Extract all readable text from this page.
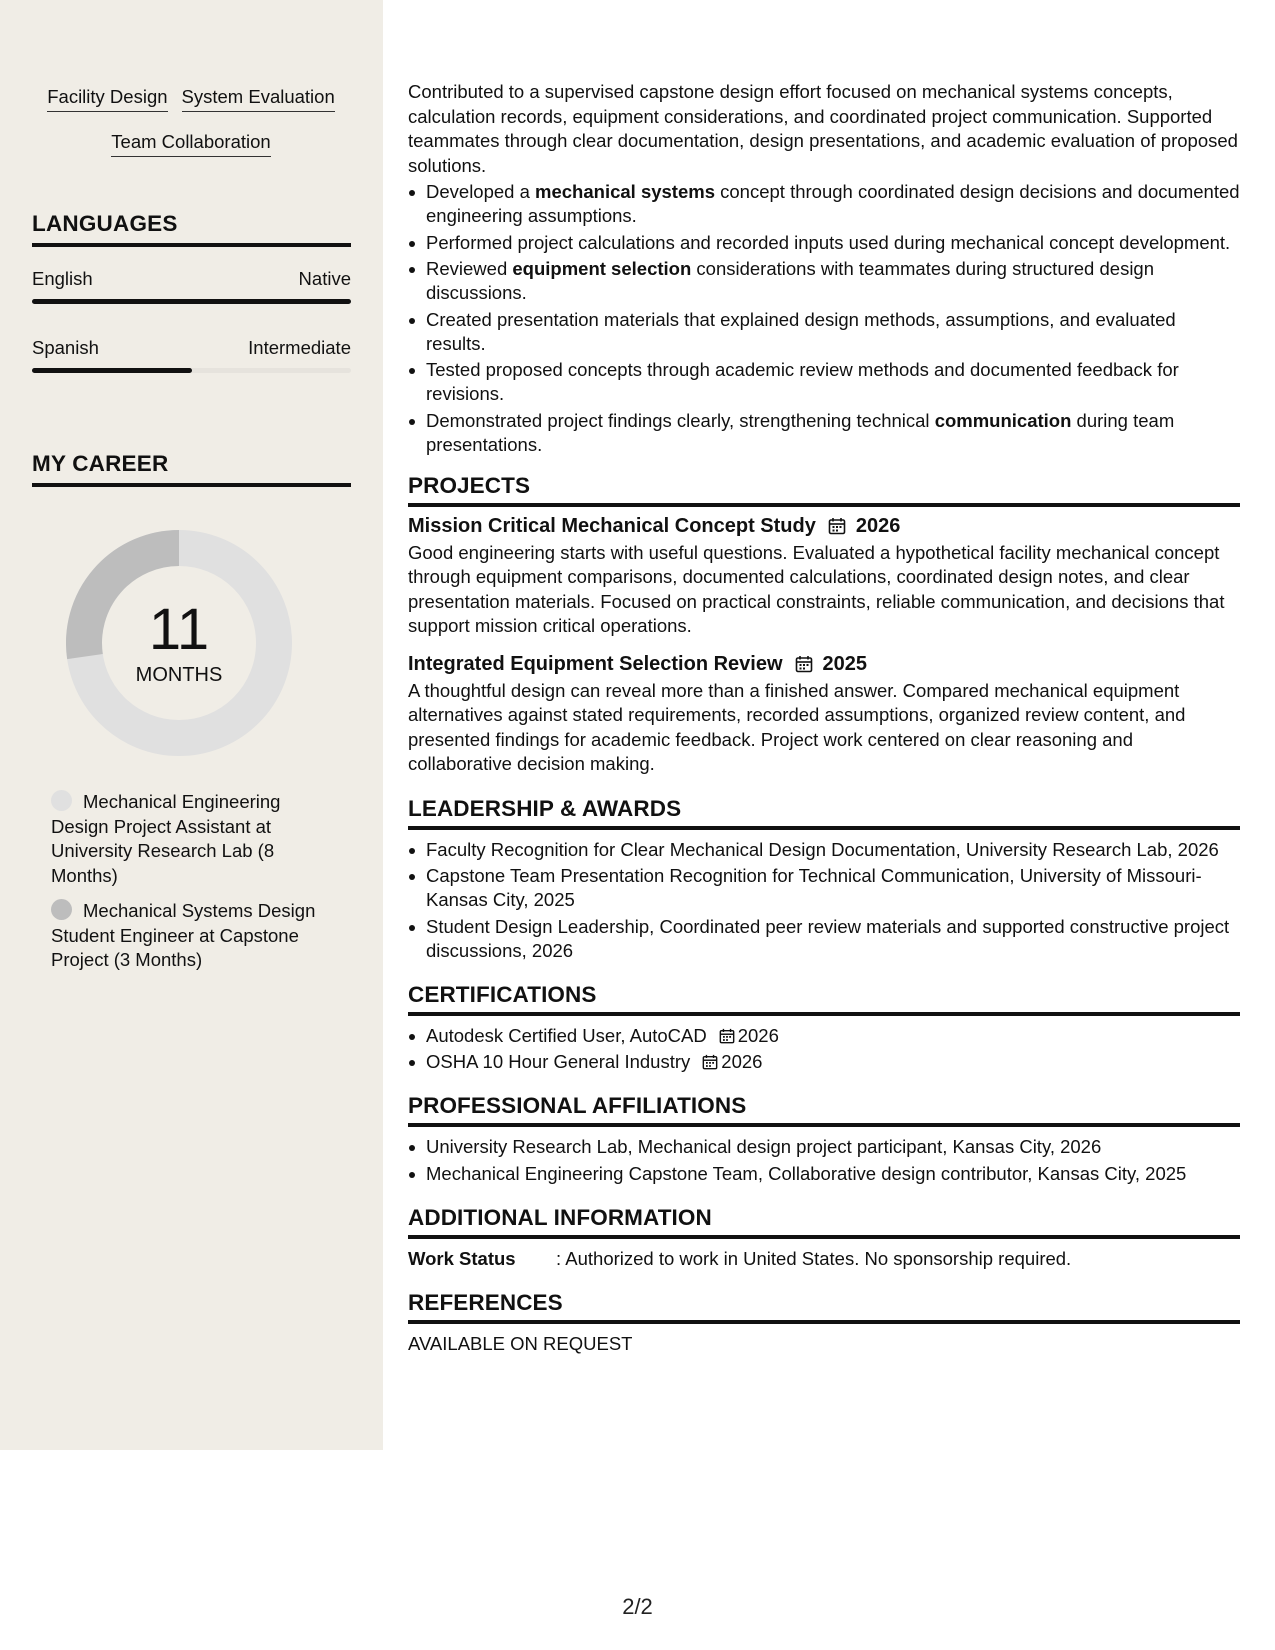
Facility Design System Evaluation
Team Collaboration
LANGUAGES
English	Native
Spanish	Intermediate
MY CAREER
11
MONTHS
Mechanical Engineering Design Project Assistant at University Research Lab (8 Months)
Mechanical Systems Design Student Engineer at Capstone Project (3 Months)

Contributed to a supervised capstone design effort focused on mechanical systems concepts, calculation records, equipment considerations, and coordinated project communication. Supported teammates through clear documentation, design presentations, and academic evaluation of proposed solutions.

Developed a mechanical systems concept through coordinated design decisions and documented engineering assumptions.
Performed project calculations and recorded inputs used during mechanical concept development.
Reviewed equipment selection considerations with teammates during structured design discussions.
Created presentation materials that explained design methods, assumptions, and evaluated results.
Tested proposed concepts through academic review methods and documented feedback for revisions.
Demonstrated project findings clearly, strengthening technical communication during team presentations.
PROJECTS
Mission Critical Mechanical Concept Study 2026

Good engineering starts with useful questions. Evaluated a hypothetical facility mechanical concept through equipment comparisons, documented calculations, coordinated design notes, and clear presentation materials. Focused on practical constraints, reliable communication, and decisions that support mission critical operations.

Integrated Equipment Selection Review 2025

A thoughtful design can reveal more than a finished answer. Compared mechanical equipment alternatives against stated requirements, recorded assumptions, organized review content, and presented findings for academic feedback. Project work centered on clear reasoning and collaborative decision making.

LEADERSHIP & AWARDS
Faculty Recognition for Clear Mechanical Design Documentation, University Research Lab, 2026
Capstone Team Presentation Recognition for Technical Communication, University of Missouri-Kansas City, 2025
Student Design Leadership, Coordinated peer review materials and supported constructive project discussions, 2026
CERTIFICATIONS
Autodesk Certified User, AutoCAD 2026
OSHA 10 Hour General Industry 2026
PROFESSIONAL AFFILIATIONS
University Research Lab, Mechanical design project participant, Kansas City, 2026
Mechanical Engineering Capstone Team, Collaborative design contributor, Kansas City, 2025
ADDITIONAL INFORMATION
Work Status : Authorized to work in United States. No sponsorship required.
REFERENCES

AVAILABLE ON REQUEST

2/2
